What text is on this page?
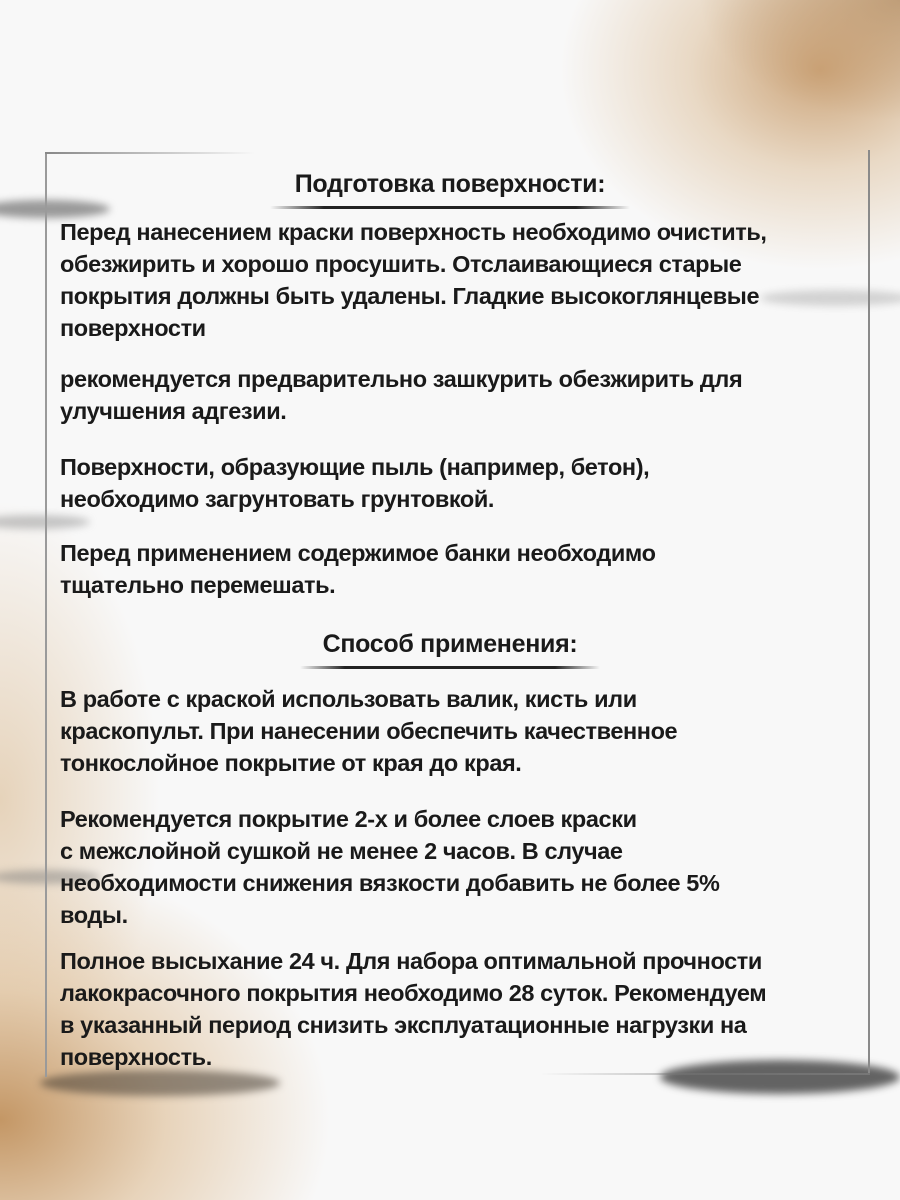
Подготовка поверхности:
Перед нанесением краски поверхность необходимо очистить,
обезжирить и хорошо просушить. Отслаивающиеся старые
покрытия должны быть удалены. Гладкие высокоглянцевые
поверхности
рекомендуется предварительно зашкурить обезжирить для
улучшения адгезии.
Поверхности, образующие пыль (например, бетон),
необходимо загрунтовать грунтовкой.
Перед применением содержимое банки необходимо
тщательно перемешать.
Способ применения:
В работе с краской использовать валик, кисть или
краскопульт. При нанесении обеспечить качественное
тонкослойное покрытие от края до края.
Рекомендуется покрытие 2-х и более слоев краски
с межслойной сушкой не менее 2 часов. В случае
необходимости снижения вязкости добавить не более 5%
воды.
Полное высыхание 24 ч. Для набора оптимальной прочности
лакокрасочного покрытия необходимо 28 суток. Рекомендуем
в указанный период снизить эксплуатационные нагрузки на
поверхность.
